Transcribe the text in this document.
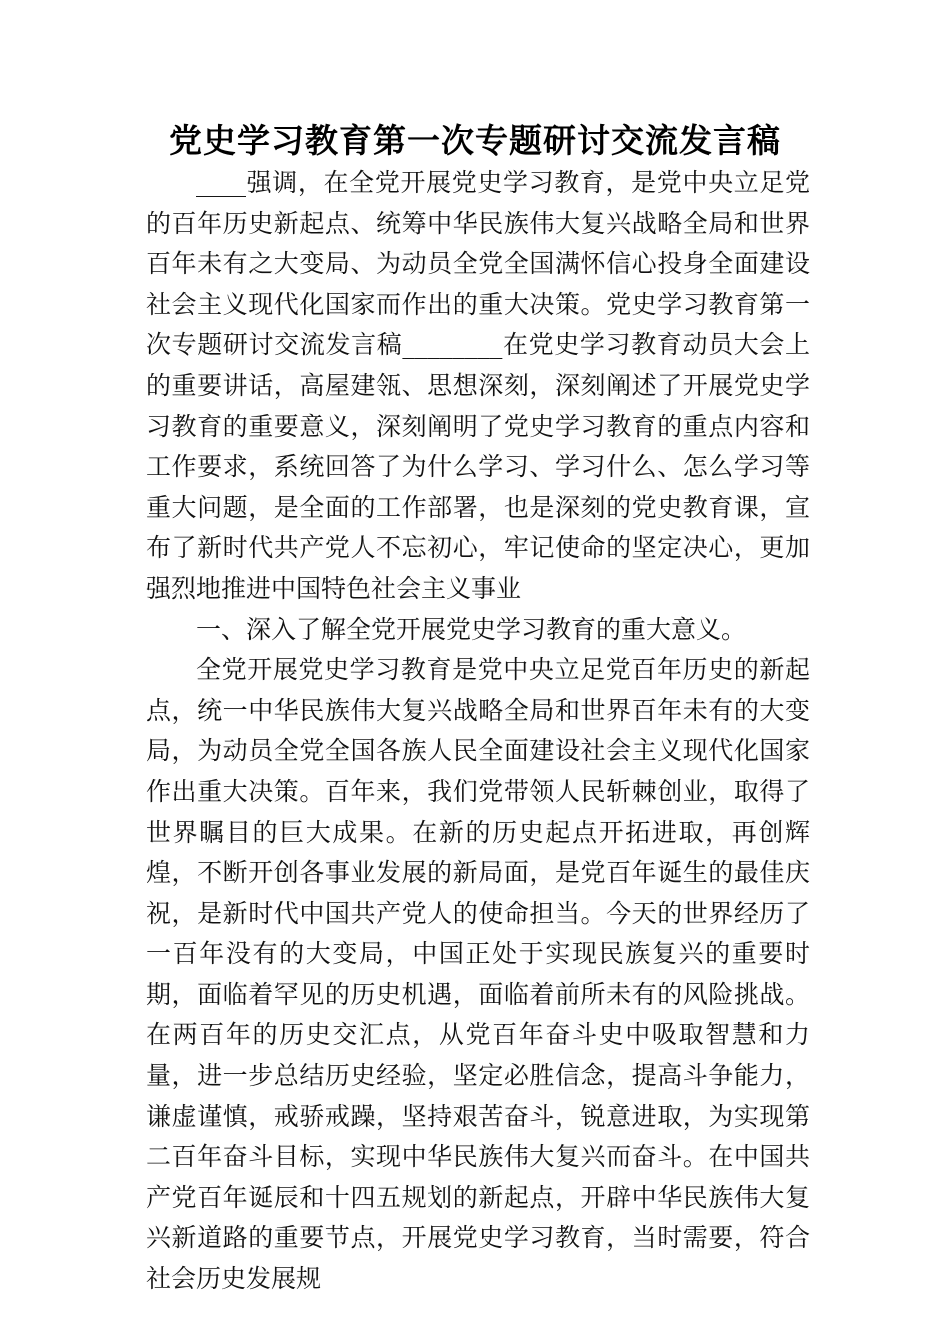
党史学习教育第一次专题研讨交流发言稿

____强调，在全党开展党史学习教育，是党中央立足党的百年历史新起点、统筹中华民族伟大复兴战略全局和世界百年未有之大变局、为动员全党全国满怀信心投身全面建设社会主义现代化国家而作出的重大决策。党史学习教育第一次专题研讨交流发言稿________在党史学习教育动员大会上的重要讲话，高屋建瓴、思想深刻，深刻阐述了开展党史学习教育的重要意义，深刻阐明了党史学习教育的重点内容和工作要求，系统回答了为什么学习、学习什么、怎么学习等重大问题，是全面的工作部署，也是深刻的党史教育课，宣布了新时代共产党人不忘初心，牢记使命的坚定决心，更加强烈地推进中国特色社会主义事业

一、深入了解全党开展党史学习教育的重大意义。

全党开展党史学习教育是党中央立足党百年历史的新起点，统一中华民族伟大复兴战略全局和世界百年未有的大变局，为动员全党全国各族人民全面建设社会主义现代化国家作出重大决策。百年来，我们党带领人民斩棘创业，取得了世界瞩目的巨大成果。在新的历史起点开拓进取，再创辉煌，不断开创各事业发展的新局面，是党百年诞生的最佳庆祝，是新时代中国共产党人的使命担当。今天的世界经历了一百年没有的大变局，中国正处于实现民族复兴的重要时期，面临着罕见的历史机遇，面临着前所未有的风险挑战。在两百年的历史交汇点，从党百年奋斗史中吸取智慧和力量，进一步总结历史经验，坚定必胜信念，提高斗争能力，谦虚谨慎，戒骄戒躁，坚持艰苦奋斗，锐意进取，为实现第二百年奋斗目标，实现中华民族伟大复兴而奋斗。在中国共产党百年诞辰和十四五规划的新起点，开辟中华民族伟大复兴新道路的重要节点，开展党史学习教育，当时需要，符合社会历史发展规
